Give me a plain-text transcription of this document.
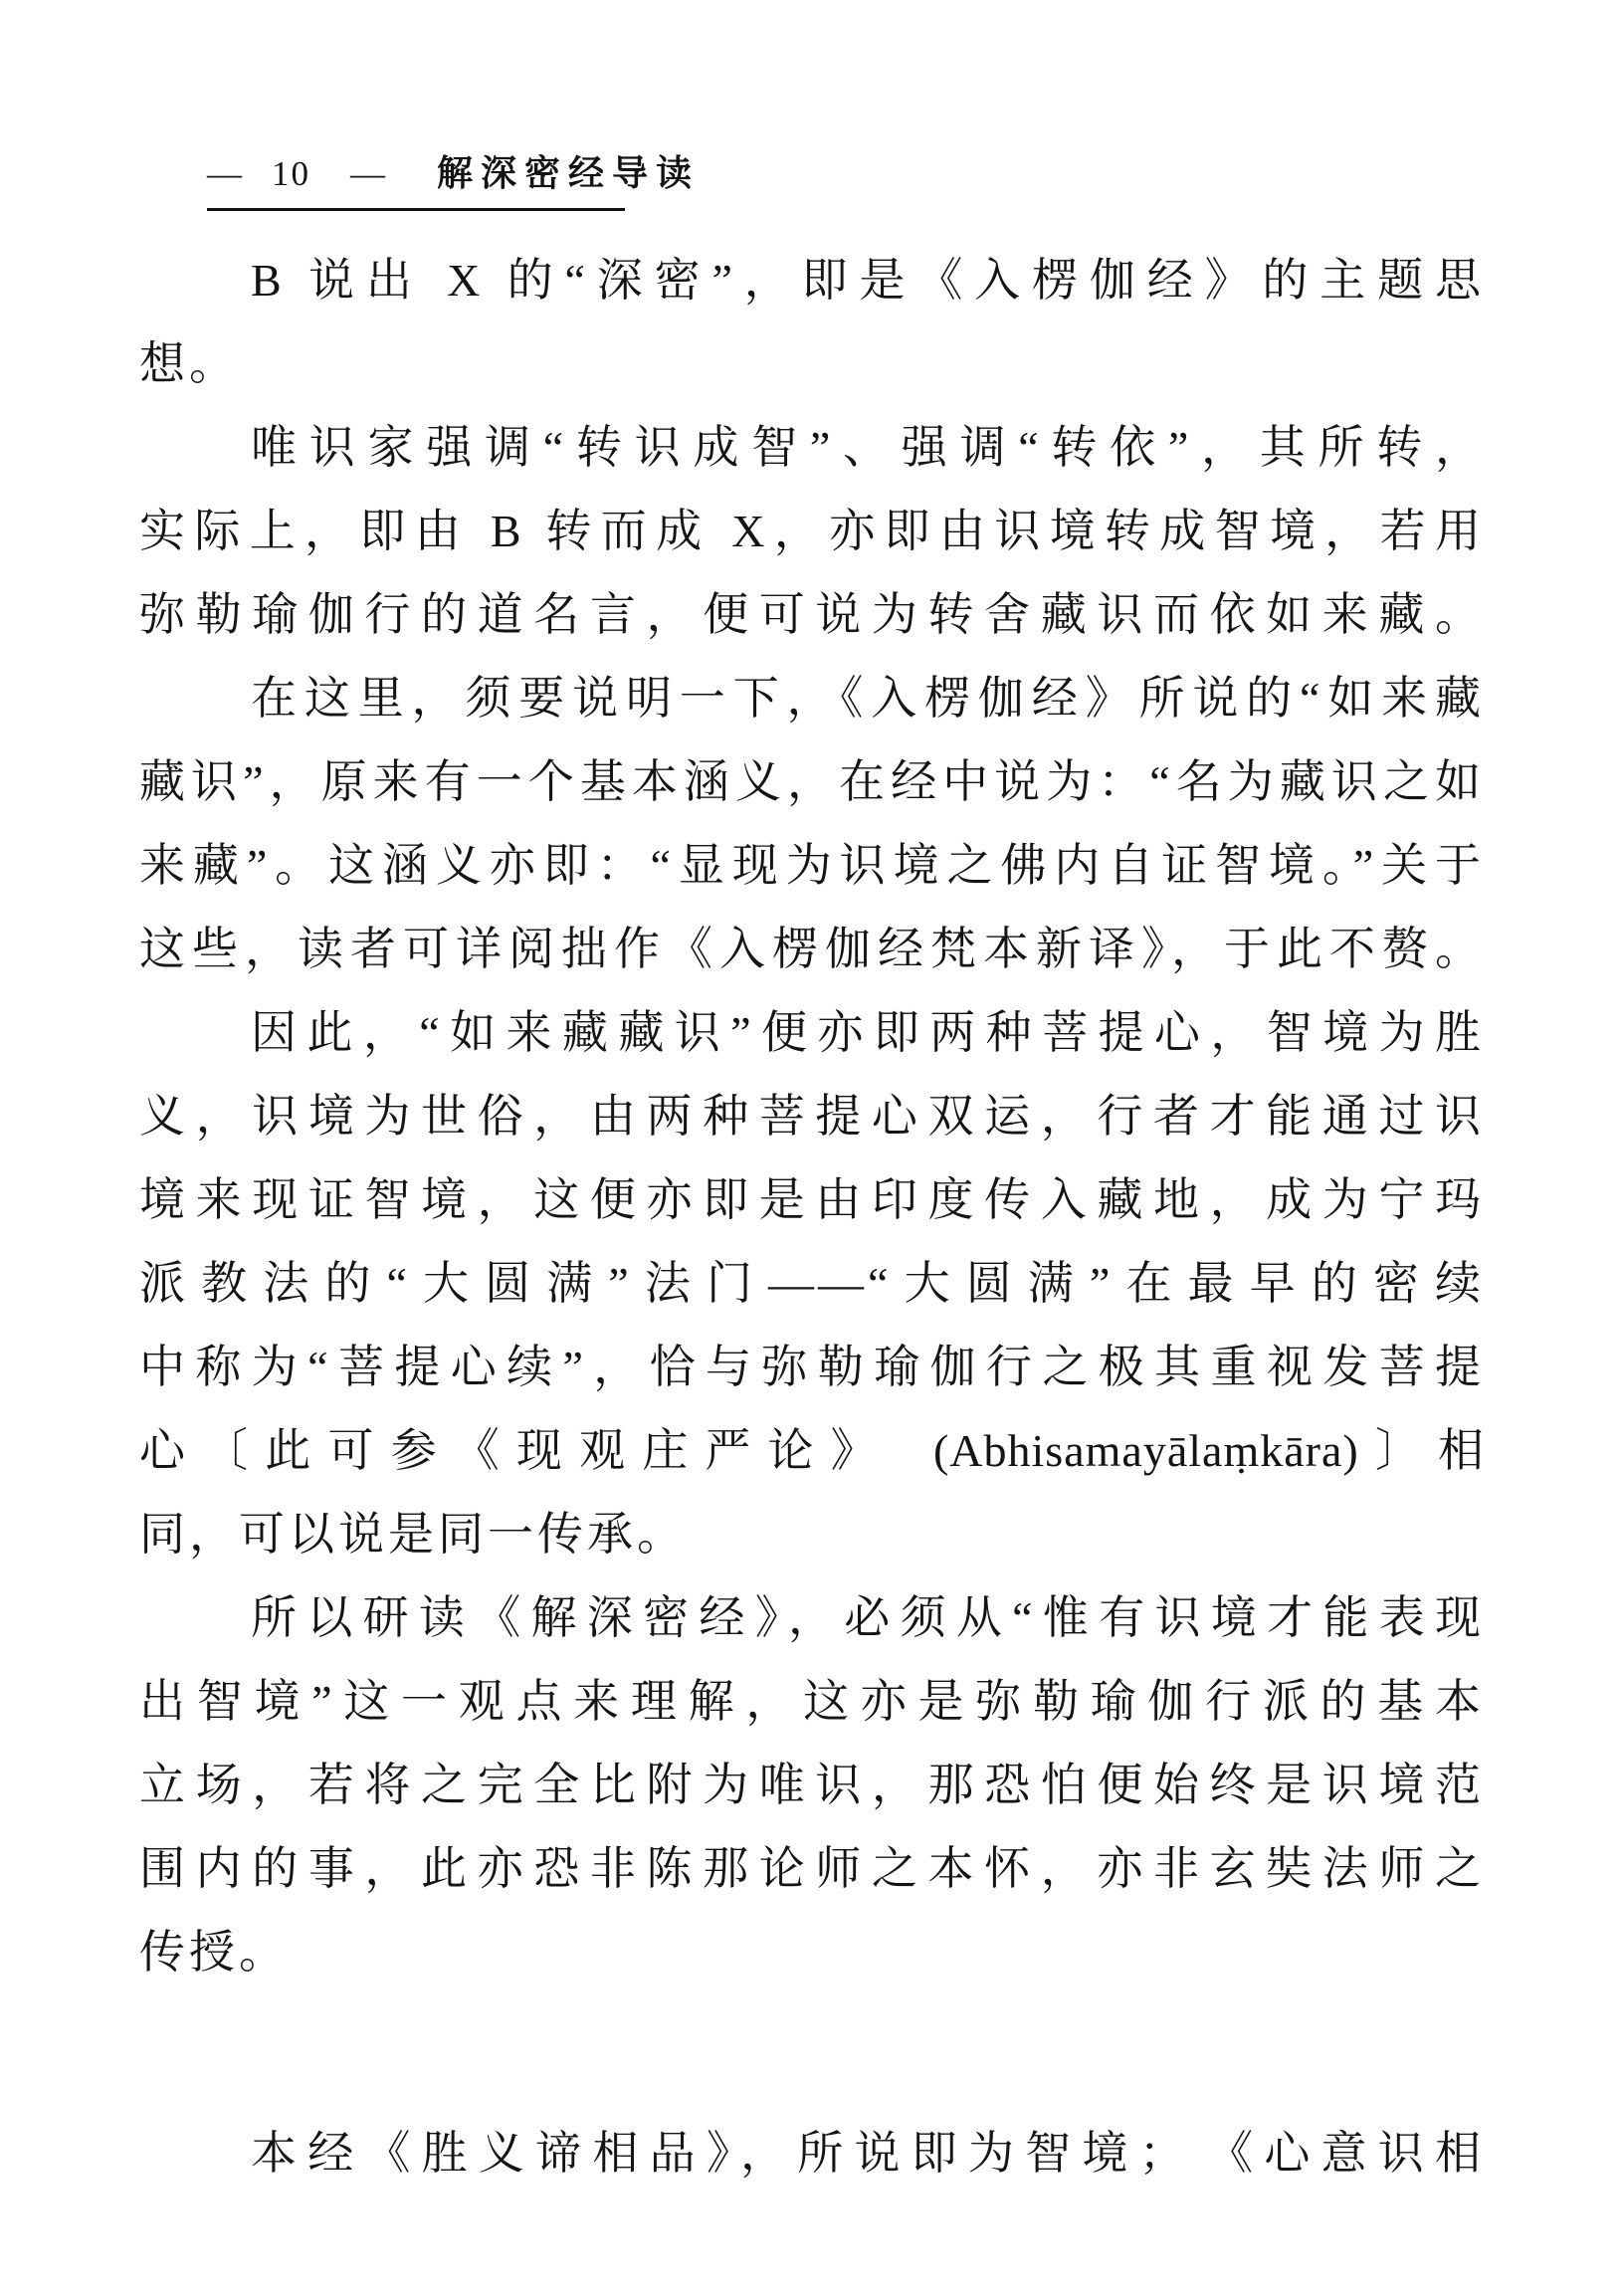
— 10 — 解深密经导读
B 说出 X 的“深密”，即是《入楞伽经》的主题思
想。
唯识家强调“转识成智”、强调“转依”，其所转，
实际上，即由 B 转而成 X，亦即由识境转成智境，若用
弥勒瑜伽行的道名言，便可说为转舍藏识而依如来藏。
在这里，须要说明一下，《入楞伽经》所说的“如来藏
藏识”，原来有一个基本涵义，在经中说为：“名为藏识之如
来藏”。这涵义亦即：“显现为识境之佛内自证智境。”关于
这些，读者可详阅拙作《入楞伽经梵本新译》，于此不赘。
因此，“如来藏藏识”便亦即两种菩提心，智境为胜
义，识境为世俗，由两种菩提心双运，行者才能通过识
境来现证智境，这便亦即是由印度传入藏地，成为宁玛
派教法的“大圆满”法门——“大圆满”在最早的密续
中称为“菩提心续”，恰与弥勒瑜伽行之极其重视发菩提
心〔此可参《现观庄严论》　(Abhisamayālaṃkāra)〕相
同，可以说是同一传承。
所以研读《解深密经》，必须从“惟有识境才能表现
出智境”这一观点来理解，这亦是弥勒瑜伽行派的基本
立场，若将之完全比附为唯识，那恐怕便始终是识境范
围内的事，此亦恐非陈那论师之本怀，亦非玄奘法师之
传授。
本经《胜义谛相品》，所说即为智境；　《心意识相
